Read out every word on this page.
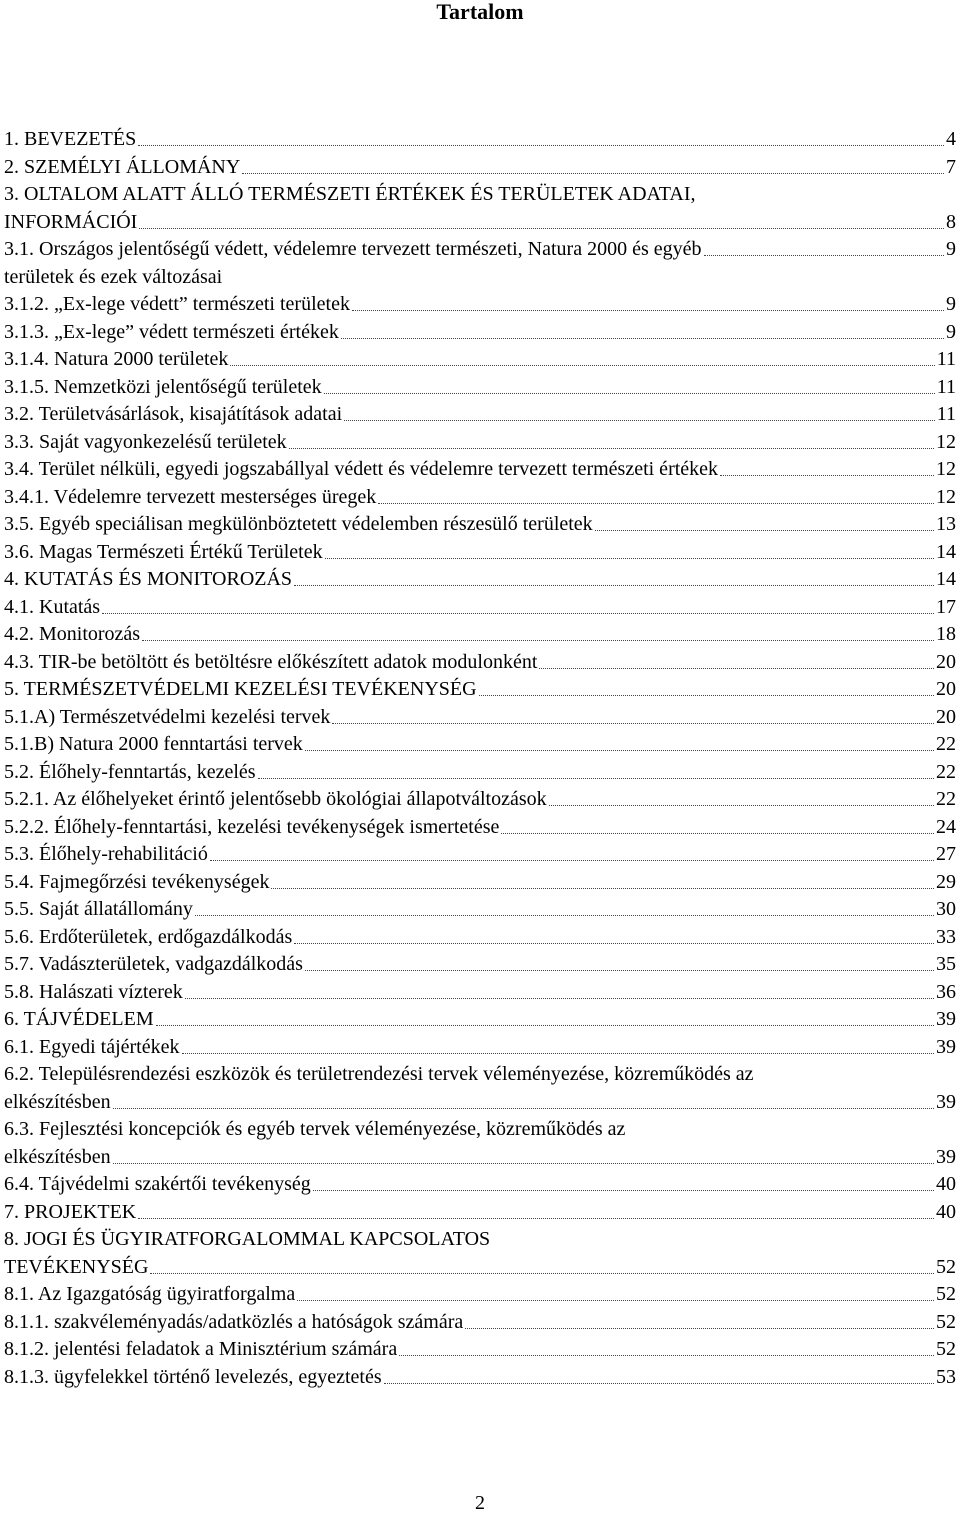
Tartalom
1. BEVEZETÉS	4
2. SZEMÉLYI ÁLLOMÁNY	7
3. OLTALOM ALATT ÁLLÓ TERMÉSZETI ÉRTÉKEK ÉS TERÜLETEK ADATAI,
INFORMÁCIÓI	8
3.1. Országos jelentőségű védett, védelemre tervezett természeti, Natura 2000 és egyéb	9
területek és ezek változásai
3.1.2. „Ex-lege védett” természeti területek	9
3.1.3. „Ex-lege” védett természeti értékek	9
3.1.4. Natura 2000 területek	11
3.1.5. Nemzetközi jelentőségű területek	11
3.2. Területvásárlások, kisajátítások adatai	11
3.3. Saját vagyonkezelésű területek	12
3.4. Terület nélküli, egyedi jogszabállyal védett és védelemre tervezett természeti értékek	12
3.4.1. Védelemre tervezett mesterséges üregek	12
3.5. Egyéb speciálisan megkülönböztetett védelemben részesülő területek	13
3.6. Magas Természeti Értékű Területek	14
4. KUTATÁS ÉS MONITOROZÁS	14
4.1. Kutatás	17
4.2. Monitorozás	18
4.3. TIR-be betöltött és betöltésre előkészített adatok modulonként	20
5. TERMÉSZETVÉDELMI KEZELÉSI TEVÉKENYSÉG	20
5.1.A) Természetvédelmi kezelési tervek	20
5.1.B) Natura 2000 fenntartási tervek	22
5.2. Élőhely-fenntartás, kezelés	22
5.2.1. Az élőhelyeket érintő jelentősebb ökológiai állapotváltozások	22
5.2.2. Élőhely-fenntartási, kezelési tevékenységek ismertetése	24
5.3. Élőhely-rehabilitáció	27
5.4. Fajmegőrzési tevékenységek	29
5.5. Saját állatállomány	30
5.6. Erdőterületek, erdőgazdálkodás	33
5.7. Vadászterületek, vadgazdálkodás	35
5.8. Halászati vízterek	36
6. TÁJVÉDELEM	39
6.1. Egyedi tájértékek	39
6.2. Településrendezési eszközök és területrendezési tervek véleményezése, közreműködés az
elkészítésben	39
6.3. Fejlesztési koncepciók és egyéb tervek véleményezése, közreműködés az
elkészítésben	39
6.4. Tájvédelmi szakértői tevékenység	40
7. PROJEKTEK	40
8. JOGI ÉS ÜGYIRATFORGALOMMAL KAPCSOLATOS
TEVÉKENYSÉG	52
8.1. Az Igazgatóság ügyiratforgalma	52
8.1.1. szakvéleményadás/adatközlés a hatóságok számára	52
8.1.2. jelentési feladatok a Minisztérium számára	52
8.1.3. ügyfelekkel történő levelezés, egyeztetés	53
2
